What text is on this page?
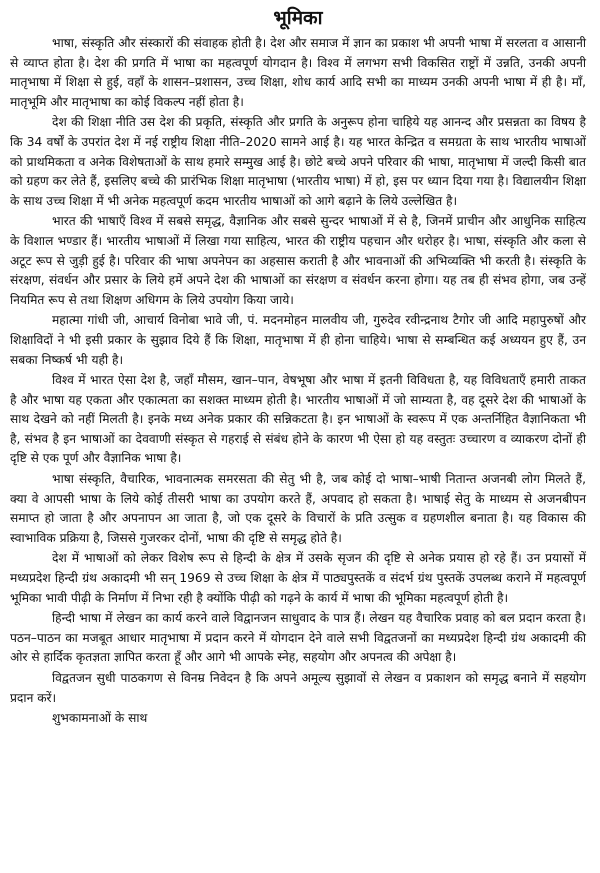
भूमिका

भाषा, संस्कृति और संस्कारों की संवाहक होती है। देश और समाज में ज्ञान का प्रकाश भी अपनी भाषा में सरलता व आसानी से व्याप्त होता है। देश की प्रगति में भाषा का महत्वपूर्ण योगदान है। विश्व में लगभग सभी विकसित राष्ट्रों में उन्नति, उनकी अपनी मातृभाषा में शिक्षा से हुई, वहाँ के शासन–प्रशासन, उच्च शिक्षा, शोध कार्य आदि सभी का माध्यम उनकी अपनी भाषा में ही है। माँ, मातृभूमि और मातृभाषा का कोई विकल्प नहीं होता है।

देश की शिक्षा नीति उस देश की प्रकृति, संस्कृति और प्रगति के अनुरूप होना चाहिये यह आनन्द और प्रसन्नता का विषय है कि 34 वर्षों के उपरांत देश में नई राष्ट्रीय शिक्षा नीति–2020 सामने आई है। यह भारत केन्द्रित व समग्रता के साथ भारतीय भाषाओं को प्राथमिकता व अनेक विशेषताओं के साथ हमारे सम्मुख आई है। छोटे बच्चे अपने परिवार की भाषा, मातृभाषा में जल्दी किसी बात को ग्रहण कर लेते हैं, इसलिए बच्चे की प्रारंभिक शिक्षा मातृभाषा (भारतीय भाषा) में हो, इस पर ध्यान दिया गया है। विद्यालयीन शिक्षा के साथ उच्च शिक्षा में भी अनेक महत्वपूर्ण कदम भारतीय भाषाओं को आगे बढ़ाने के लिये उल्लेखित है।

भारत की भाषाएँ विश्व में सबसे समृद्ध, वैज्ञानिक और सबसे सुन्दर भाषाओं में से है, जिनमें प्राचीन और आधुनिक साहित्य के विशाल भण्डार हैं। भारतीय भाषाओं में लिखा गया साहित्य, भारत की राष्ट्रीय पहचान और धरोहर है। भाषा, संस्कृति और कला से अटूट रूप से जुड़ी हुई है। परिवार की भाषा अपनेपन का अहसास कराती है और भावनाओं की अभिव्यक्ति भी करती है। संस्कृति के संरक्षण, संवर्धन और प्रसार के लिये हमें अपने देश की भाषाओं का संरक्षण व संवर्धन करना होगा। यह तब ही संभव होगा, जब उन्हें नियमित रूप से तथा शिक्षण अधिगम के लिये उपयोग किया जाये।

महात्मा गांधी जी, आचार्य विनोबा भावे जी, पं. मदनमोहन मालवीय जी, गुरुदेव रवीन्द्रनाथ टैगोर जी आदि महापुरुषों और शिक्षाविदों ने भी इसी प्रकार के सुझाव दिये हैं कि शिक्षा, मातृभाषा में ही होना चाहिये। भाषा से सम्बन्धित कई अध्ययन हुए हैं, उन सबका निष्कर्ष भी यही है।

विश्व में भारत ऐसा देश है, जहाँ मौसम, खान–पान, वेषभूषा और भाषा में इतनी विविधता है, यह विविधताएँ हमारी ताकत है और भाषा यह एकता और एकात्मता का सशक्त माध्यम होती है। भारतीय भाषाओं में जो साम्यता है, वह दूसरे देश की भाषाओं के साथ देखने को नहीं मिलती है। इनके मध्य अनेक प्रकार की सन्निकटता है। इन भाषाओं के स्वरूप में एक अन्तर्निहित वैज्ञानिकता भी है, संभव है इन भाषाओं का देववाणी संस्कृत से गहराई से संबंध होने के कारण भी ऐसा हो यह वस्तुतः उच्चारण व व्याकरण दोनों ही दृष्टि से एक पूर्ण और वैज्ञानिक भाषा है।

भाषा संस्कृति, वैचारिक, भावनात्मक समरसता की सेतु भी है, जब कोई दो भाषा–भाषी नितान्त अजनबी लोग मिलते हैं, क्या वे आपसी भाषा के लिये कोई तीसरी भाषा का उपयोग करते हैं, अपवाद हो सकता है। भाषाई सेतु के माध्यम से अजनबीपन समाप्त हो जाता है और अपनापन आ जाता है, जो एक दूसरे के विचारों के प्रति उत्सुक व ग्रहणशील बनाता है। यह विकास की स्वाभाविक प्रक्रिया है, जिससे गुजरकर दोनों, भाषा की दृष्टि से समृद्ध होते है।

देश में भाषाओं को लेकर विशेष रूप से हिन्दी के क्षेत्र में उसके सृजन की दृष्टि से अनेक प्रयास हो रहे हैं। उन प्रयासों में मध्यप्रदेश हिन्दी ग्रंथ अकादमी भी सन् 1969 से उच्च शिक्षा के क्षेत्र में पाठ्यपुस्तकें व संदर्भ ग्रंथ पुस्तकें उपलब्ध कराने में महत्वपूर्ण भूमिका भावी पीढ़ी के निर्माण में निभा रही है क्योंकि पीढ़ी को गढ़ने के कार्य में भाषा की भूमिका महत्वपूर्ण होती है।

हिन्दी भाषा में लेखन का कार्य करने वाले विद्वानजन साधुवाद के पात्र हैं। लेखन यह वैचारिक प्रवाह को बल प्रदान करता है। पठन–पाठन का मजबूत आधार मातृभाषा में प्रदान करने में योगदान देने वाले सभी विद्वतजनों का मध्यप्रदेश हिन्दी ग्रंथ अकादमी की ओर से हार्दिक कृतज्ञता ज्ञापित करता हूँ और आगे भी आपके स्नेह, सहयोग और अपनत्व की अपेक्षा है।

विद्वतजन सुधी पाठकगण से विनम्र निवेदन है कि अपने अमूल्य सुझावों से लेखन व प्रकाशन को समृद्ध बनाने में सहयोग प्रदान करें।

शुभकामनाओं के साथ
